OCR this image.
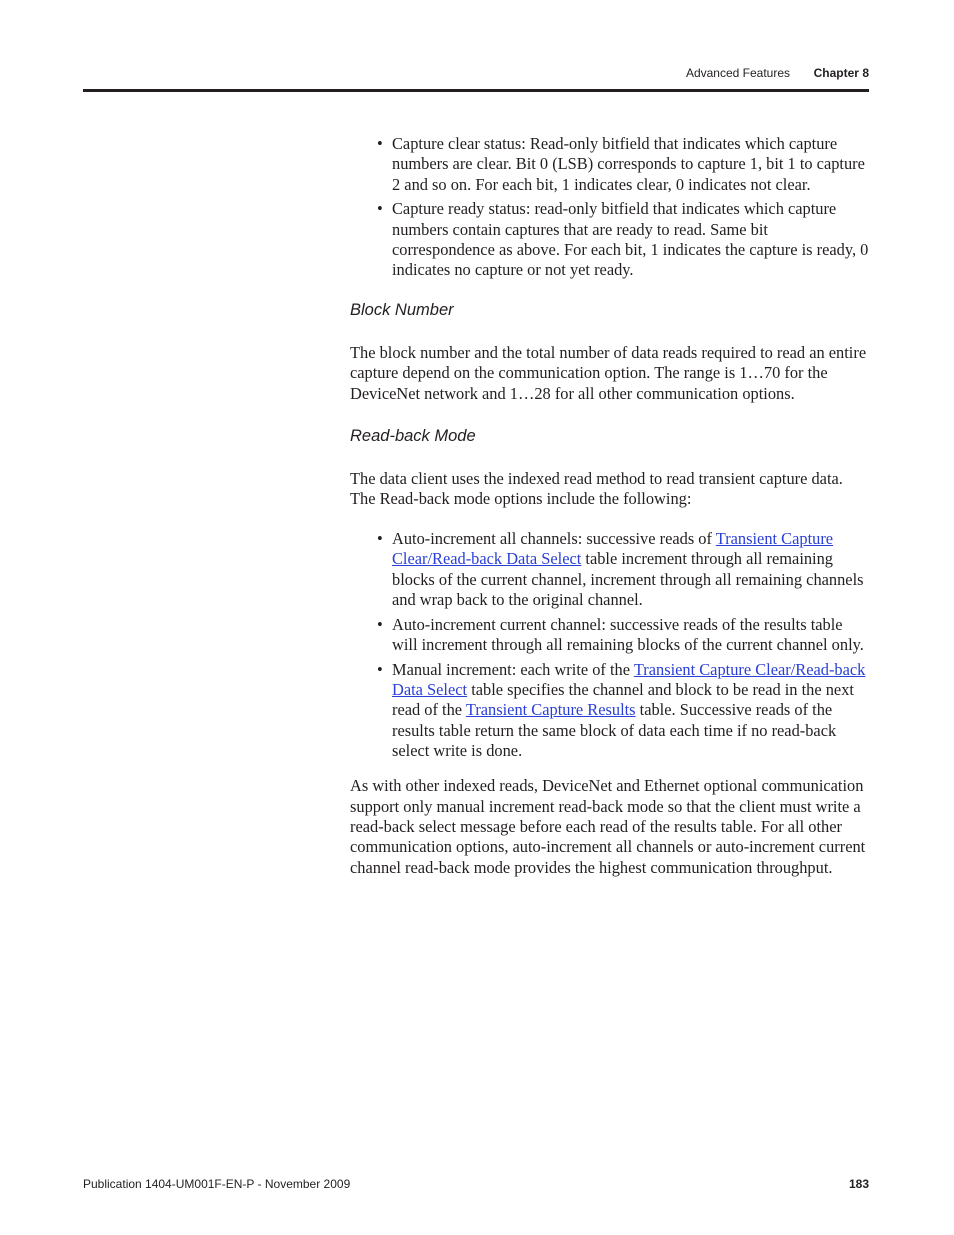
Advanced Features Chapter 8
• Capture clear status: Read-only bitfield that indicates which capture numbers are clear. Bit 0 (LSB) corresponds to capture 1, bit 1 to capture 2 and so on. For each bit, 1 indicates clear, 0 indicates not clear.
• Capture ready status: read-only bitfield that indicates which capture numbers contain captures that are ready to read. Same bit correspondence as above. For each bit, 1 indicates the capture is ready, 0 indicates no capture or not yet ready.
Block Number

The block number and the total number of data reads required to read an entire capture depend on the communication option. The range is 1…70 for the DeviceNet network and 1…28 for all other communication options.

Read-back Mode

The data client uses the indexed read method to read transient capture data. The Read-back mode options include the following:

• Auto-increment all channels: successive reads of Transient Capture Clear/Read-back Data Select table increment through all remaining blocks of the current channel, increment through all remaining channels and wrap back to the original channel.
• Auto-increment current channel: successive reads of the results table will increment through all remaining blocks of the current channel only.
• Manual increment: each write of the Transient Capture Clear/Read-back Data Select table specifies the channel and block to be read in the next read of the Transient Capture Results table. Successive reads of the results table return the same block of data each time if no read-back select write is done.

As with other indexed reads, DeviceNet and Ethernet optional communication support only manual increment read-back mode so that the client must write a read-back select message before each read of the results table. For all other communication options, auto-increment all channels or auto-increment current channel read-back mode provides the highest communication throughput.

Publication 1404-UM001F-EN-P - November 2009	183
